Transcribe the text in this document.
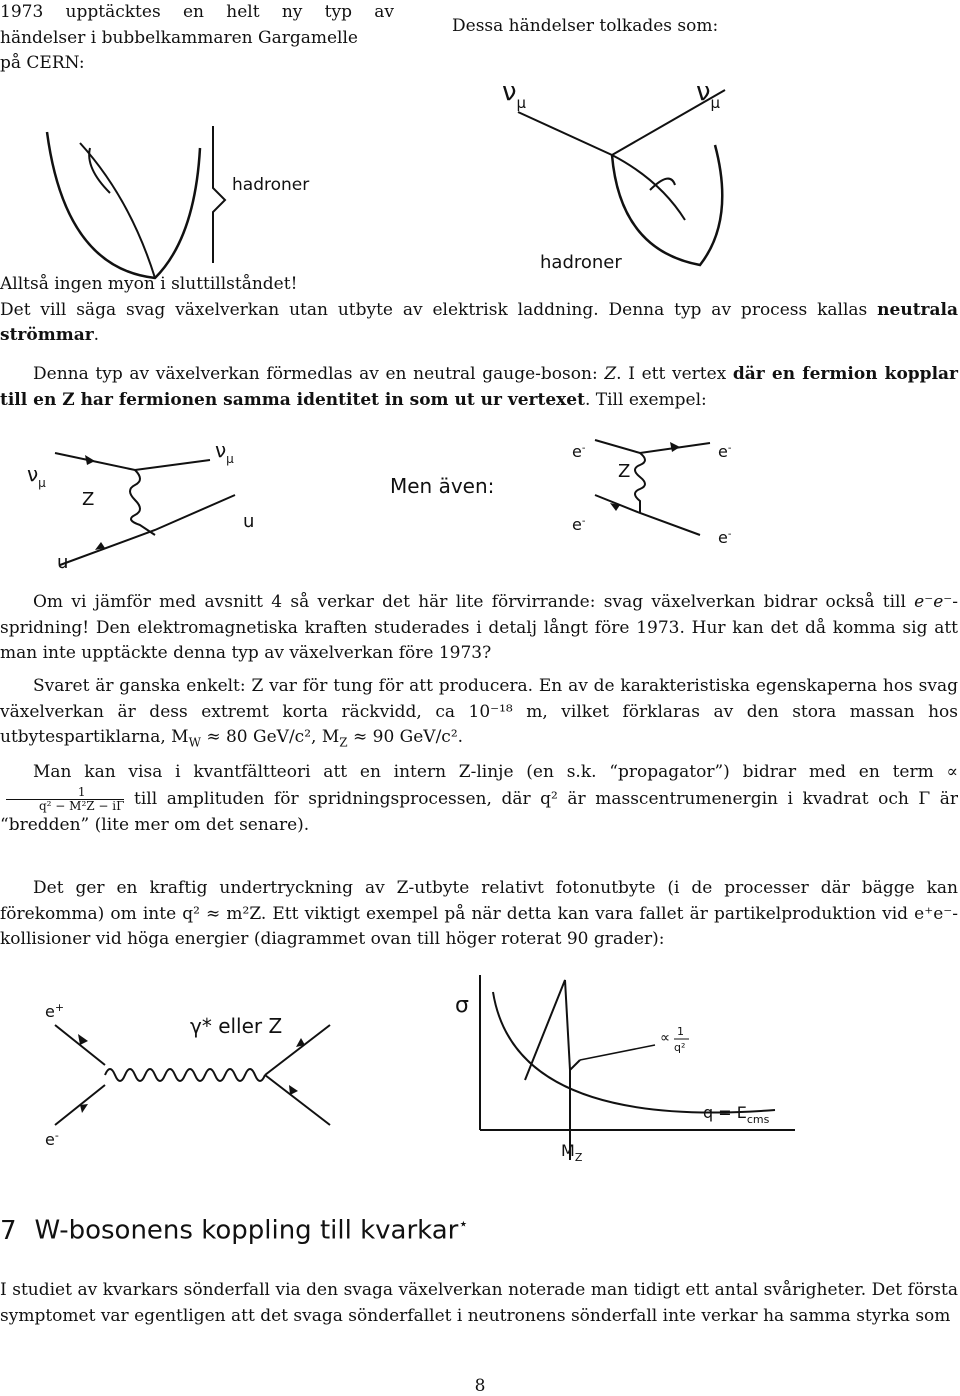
1973 upptäcktes en helt ny typ av
händelser i bubbelkammaren Gargamelle
på CERN:
Dessa händelser tolkades som:
hadroner
$\nu_\mu$	$\nu_\mu$
hadroner
Alltså ingen myon i sluttillståndet!
Det vill säga svag växelverkan utan utbyte av elektrisk laddning. Denna typ av process kallas neutrala strömmar.
Denna typ av växelverkan förmedlas av en neutral gauge-boson: Z. I ett vertex där en fermion kopplar till en Z har fermionen samma identitet in som ut ur vertexet. Till exempel:
$\nu_\mu$
$\nu_\mu$
Z
u
u
Men även:
e-	e-
e-
e-
Z
Om vi jämför med avsnitt 4 så verkar det här lite förvirrande: svag växelverkan bidrar också till e⁻e⁻-spridning! Den elektromagnetiska kraften studerades i detalj långt före 1973. Hur kan det då komma sig att man inte upptäckte denna typ av växelverkan före 1973?
Svaret är ganska enkelt: Z var för tung för att producera. En av de karakteristiska egenskaperna hos svag växelverkan är dess extremt korta räckvidd, ca 10⁻¹⁸ m, vilket förklaras av den stora massan hos utbytespartiklarna, $M_W \approx 80$ GeV/c², $M_Z \approx 90$ GeV/c².
Man kan visa i kvantfältteori att en intern Z-linje (en s.k. “propagator”) bidrar med en term ∝
$\frac{1}{\text{q² − M²Z − iΓ}}$ till amplituden för spridningsprocessen, där q² är masscentrumenergin i kvadrat och Γ är “bredden” (lite mer om det senare).
Det ger en kraftig undertryckning av Z-utbyte relativt fotonutbyte (i de processer där bägge kan förekomma) om inte q² ≈ m²Z. Ett viktigt exempel på när detta kan vara fallet är partikelproduktion vid e⁺e⁻-kollisioner vid höga energier (diagrammet ovan till höger roterat 90 grader):
e+
e-
γ* eller Z
σ
∝ 1
q²
$q = E_{cms}$
$M_Z$
7 W-bosonens koppling till kvarkar⋆
I studiet av kvarkars sönderfall via den svaga växelverkan noterade man tidigt ett antal svårigheter. Det första symptomet var egentligen att det svaga sönderfallet i neutronens sönderfall inte verkar ha samma styrka som
8
